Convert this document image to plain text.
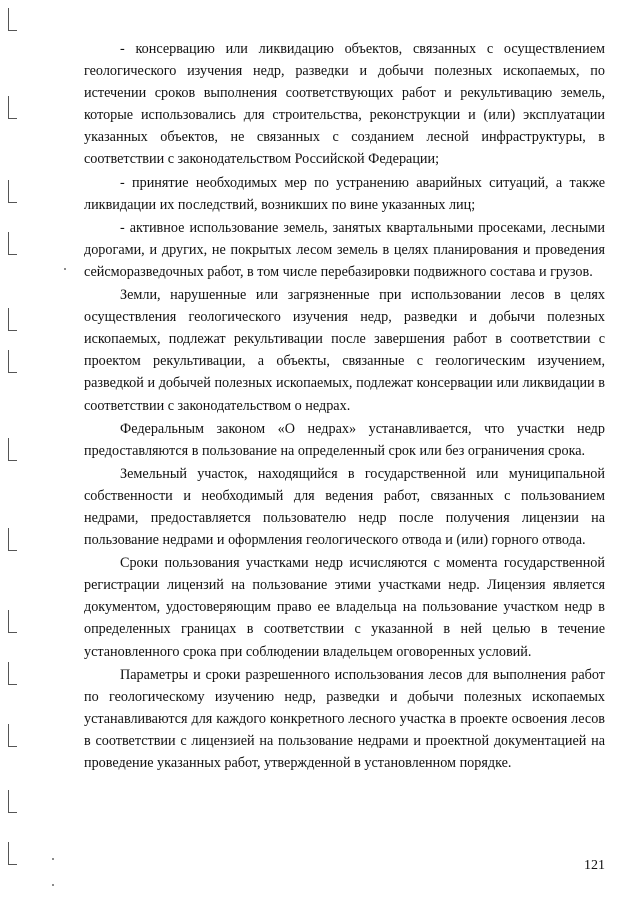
- консервацию или ликвидацию объектов, связанных с осуществлением геологического изучения недр, разведки и добычи полезных ископаемых, по истечении сроков выполнения соответствующих работ и рекультивацию земель, которые использовались для строительства, реконструкции и (или) эксплуатации указанных объектов, не связанных с созданием лесной инфраструктуры, в соответствии с законодательством Российской Федерации;

- принятие необходимых мер по устранению аварийных ситуаций, а также ликвидации их последствий, возникших по вине указанных лиц;

- активное использование земель, занятых квартальными просеками, лесными дорогами, и других, не покрытых лесом земель в целях планирования и проведения сейсморазведочных работ, в том числе перебазировки подвижного состава и грузов.

Земли, нарушенные или загрязненные при использовании лесов в целях осуществления геологического изучения недр, разведки и добычи полезных ископаемых, подлежат рекультивации после завершения работ в соответствии с проектом рекультивации, а объекты, связанные с геологическим изучением, разведкой и добычей полезных ископаемых, подлежат консервации или ликвидации в соответствии с законодательством о недрах.

Федеральным законом «О недрах» устанавливается, что участки недр предоставляются в пользование на определенный срок или без ограничения срока.

Земельный участок, находящийся в государственной или муниципальной собственности и необходимый для ведения работ, связанных с пользованием недрами, предоставляется пользователю недр после получения лицензии на пользование недрами и оформления геологического отвода и (или) горного отвода.

Сроки пользования участками недр исчисляются с момента государственной регистрации лицензий на пользование этими участками недр. Лицензия является документом, удостоверяющим право ее владельца на пользование участком недр в определенных границах в соответствии с указанной в ней целью в течение установленного срока при соблюдении владельцем оговоренных условий.

Параметры и сроки разрешенного использования лесов для выполнения работ по геологическому изучению недр, разведки и добычи полезных ископаемых устанавливаются для каждого конкретного лесного участка в проекте освоения лесов в соответствии с лицензией на пользование недрами и проектной документацией на проведение указанных работ, утвержденной в установленном порядке.

121
